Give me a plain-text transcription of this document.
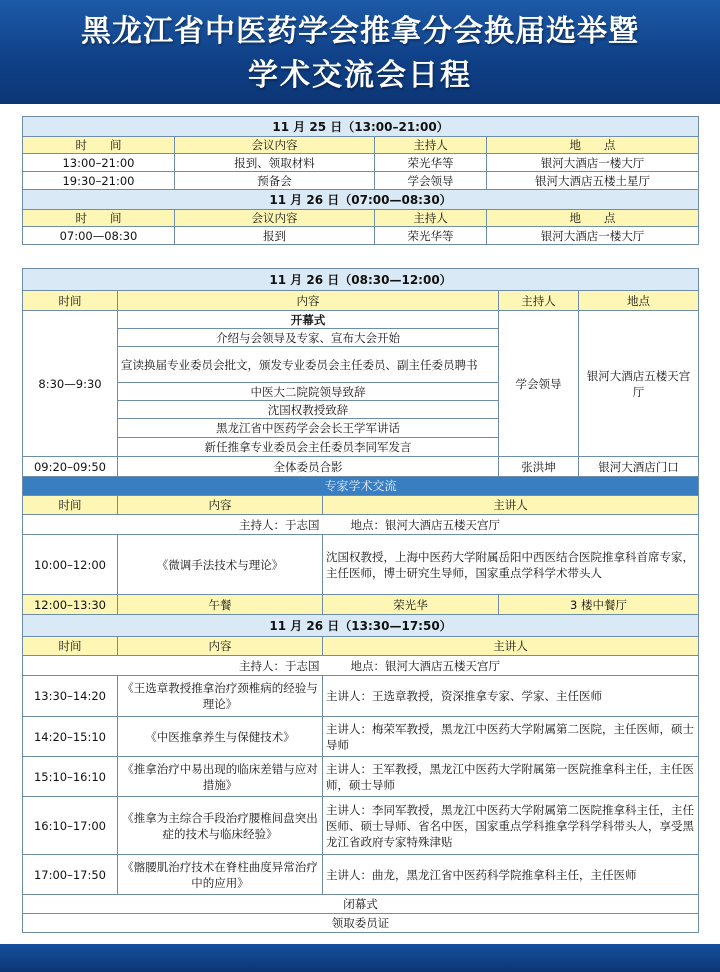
黑龙江省中医药学会推拿分会换届选举暨
学术交流会日程
11 月 25 日（13:00–21:00）			
时　　间	会议内容	主持人	地　　点
13:00–21:00	报到、领取材料	荣光华等	银河大酒店一楼大厅
19:30–21:00	预备会	学会领导	银河大酒店五楼土星厅
11 月 26 日（07:00—08:30）			
时　　间	会议内容	主持人	地　　点
07:00—08:30	报到	荣光华等	银河大酒店一楼大厅
11 月 26 日（08:30—12:00）				
时间	内容		主持人	地点
8:30—9:30	开幕式		学会领导	银河大酒店五楼天宫厅
	介绍与会领导及专家、宣布大会开始			
	宣读换届专业委员会批文，颁发专业委员会主任委员、副主任委员聘书			
	中医大二院院领导致辞			
	沈国权教授致辞			
	黑龙江省中医药学会会长王学军讲话			
	新任推拿专业委员会主任委员李同军发言			
09:20–09:50	全体委员合影		张洪坤	银河大酒店门口
专家学术交流				
时间	内容	主讲人		
主持人：于志国		地点：银河大酒店五楼天宫厅		
10:00–12:00	《微调手法技术与理论》	沈国权教授，上海中医药大学附属岳阳中西医结合医院推拿科首席专家，主任医师，博士研究生导师，国家重点学科学术带头人		
12:00–13:30	午餐	荣光华	3 楼中餐厅	
11 月 26 日（13:30—17:50）				
时间	内容	主讲人		
主持人：于志国		地点：银河大酒店五楼天宫厅		
13:30–14:20	《王选章教授推拿治疗颈椎病的经验与理论》	主讲人：王选章教授，资深推拿专家、学家、主任医师		
14:20–15:10	《中医推拿养生与保健技术》	主讲人：梅荣军教授，黑龙江中医药大学附属第二医院，主任医师，硕士导师		
15:10–16:10	《推拿治疗中易出现的临床差错与应对措施》	主讲人：王军教授，黑龙江中医药大学附属第一医院推拿科主任，主任医师，硕士导师		
16:10–17:00	《推拿为主综合手段治疗腰椎间盘突出症的技术与临床经验》	主讲人：李同军教授，黑龙江中医药大学附属第二医院推拿科主任，主任医师、硕士导师、省名中医，国家重点学科推拿学科学科带头人，享受黑龙江省政府专家特殊津贴		
17:00–17:50	《髂腰肌治疗技术在脊柱曲度异常治疗中的应用》	主讲人：曲龙，黑龙江省中医药科学院推拿科主任，主任医师		
闭幕式				
领取委员证				
